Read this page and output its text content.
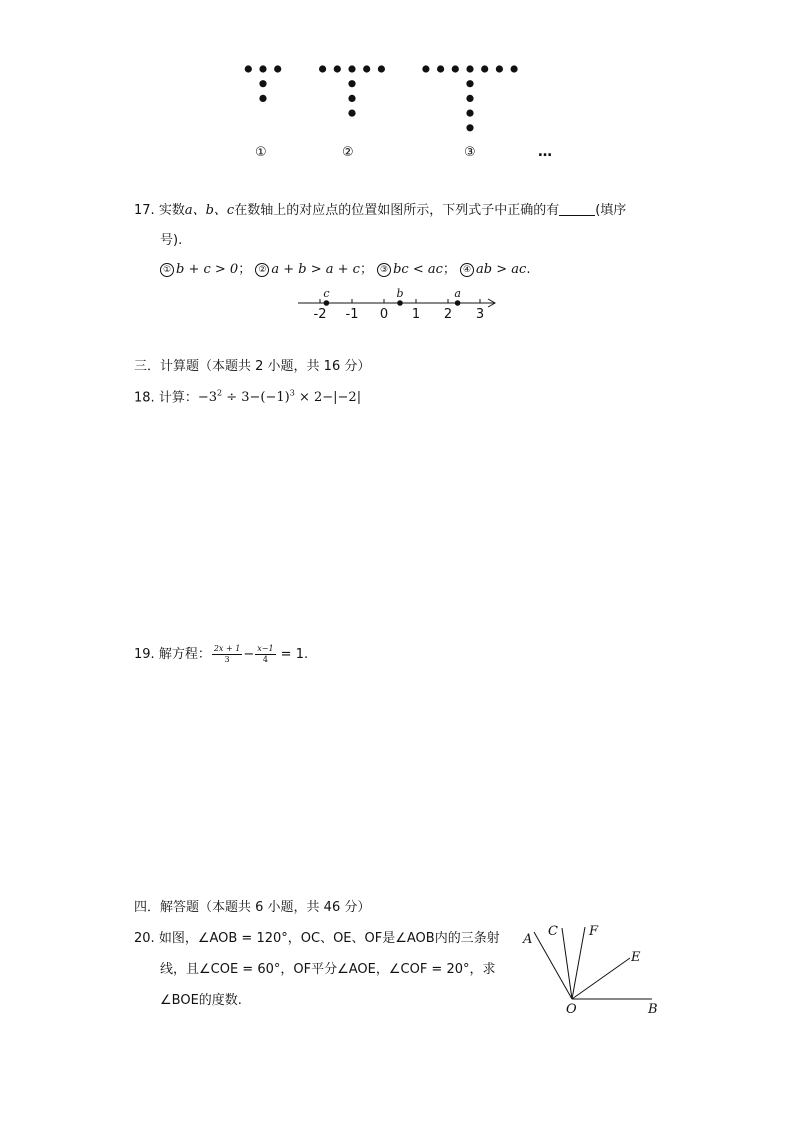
①	②	③	…
17. 实数a、b、c在数轴上的对应点的位置如图所示，下列式子中正确的有	(填序
号).
① b + c > 0； ② a + b > a + c； ③ bc < ac； ④ ab > ac.
-2 -1 0 1 2 3
c	b	a
三．计算题（本题共 2 小题，共 16 分）
18. 计算：$-3^2 \div 3-(-1)^3 \times 2-|-2|$
19. 解方程： $\frac{2x + 1}{3} - \frac{x-1}{4} = 1$.
四．解答题（本题共 6 小题，共 46 分）
20. 如图，∠AOB = 120°，OC、OE、OF是∠AOB内的三条射
线，且∠COE = 60°，OF平分∠AOE，∠COF = 20°，求
∠BOE的度数.
A
C F
E
O	B
